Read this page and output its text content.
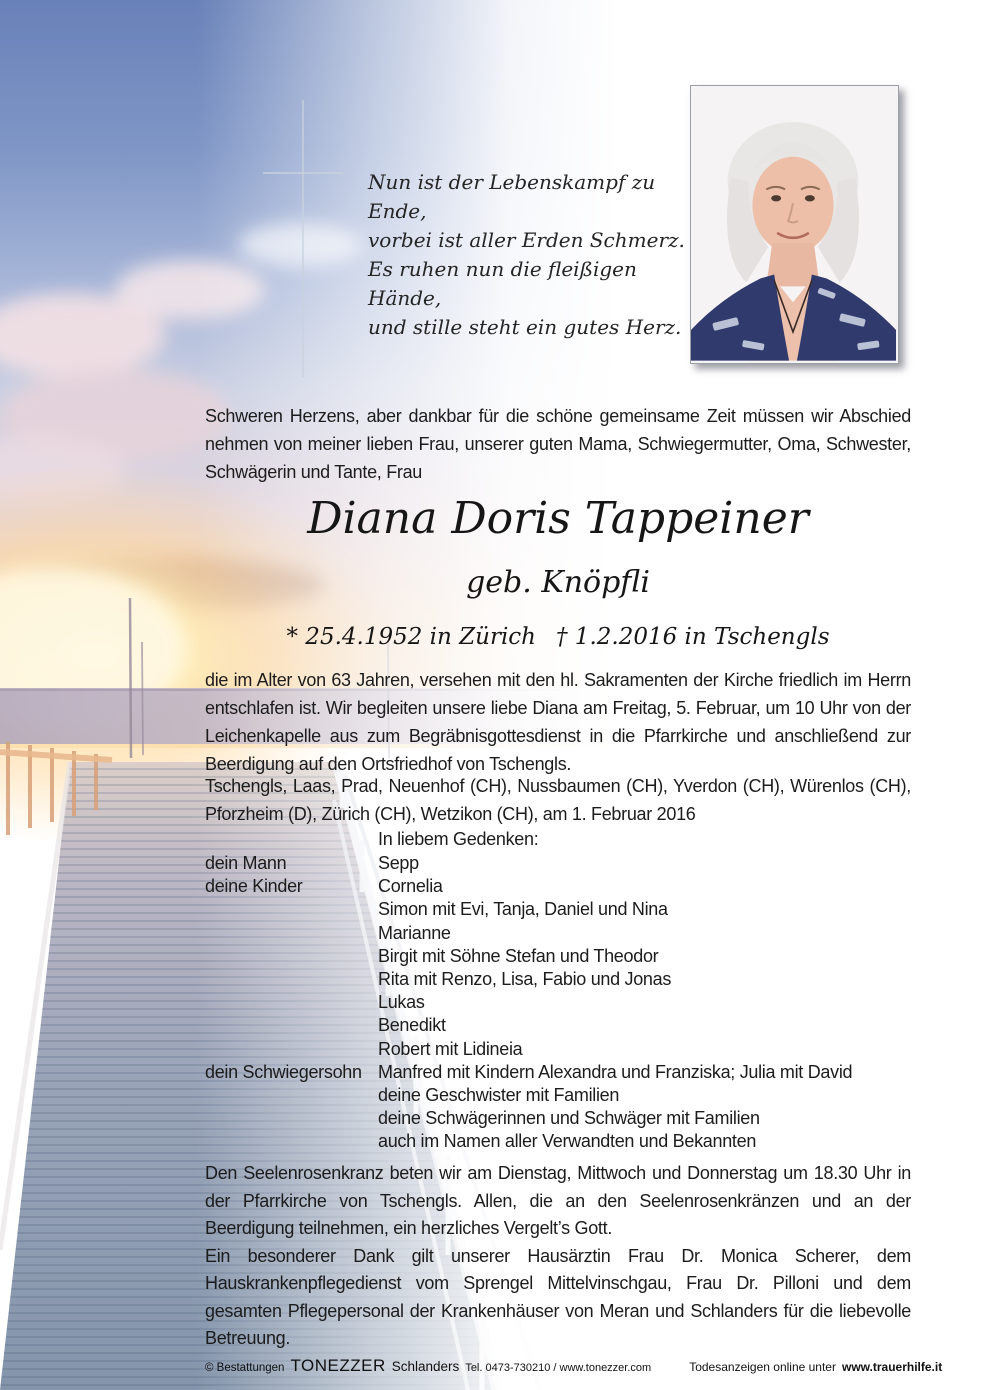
Nun ist der Lebenskampf zu Ende,
vorbei ist aller Erden Schmerz.
Es ruhen nun die fleißigen Hände,
und stille steht ein gutes Herz.
Schweren Herzens, aber dankbar für die schöne gemeinsame Zeit müssen wir Abschied nehmen von meiner lieben Frau, unserer guten Mama, Schwiegermutter, Oma, Schwester, Schwägerin und Tante, Frau
Diana Doris Tappeiner
geb. Knöpfli
* 25.4.1952 in Zürich † 1.2.2016 in Tschengls
die im Alter von 63 Jahren, versehen mit den hl. Sakramenten der Kirche friedlich im Herrn entschlafen ist. Wir begleiten unsere liebe Diana am Freitag, 5. Februar, um 10 Uhr von der Leichenkapelle aus zum Begräbnisgottesdienst in die Pfarrkirche und anschließend zur Beerdigung auf den Ortsfriedhof von Tschengls.
Tschengls, Laas, Prad, Neuenhof (CH), Nussbaumen (CH), Yverdon (CH), Würenlos (CH), Pforzheim (D), Zürich (CH), Wetzikon (CH), am 1. Februar 2016
In liebem Gedenken:
dein Mann	Sepp
deine Kinder	Cornelia
Simon mit Evi, Tanja, Daniel und Nina
Marianne
Birgit mit Söhne Stefan und Theodor
Rita mit Renzo, Lisa, Fabio und Jonas
Lukas
Benedikt
Robert mit Lidineia
dein Schwiegersohn Manfred mit Kindern Alexandra und Franziska; Julia mit David
deine Geschwister mit Familien
deine Schwägerinnen und Schwäger mit Familien
auch im Namen aller Verwandten und Bekannten

Den Seelenrosenkranz beten wir am Dienstag, Mittwoch und Donnerstag um 18.30 Uhr in der Pfarrkirche von Tschengls. Allen, die an den Seelenrosenkränzen und an der Beerdigung teilnehmen, ein herzliches Vergelt’s Gott.

Ein besonderer Dank gilt unserer Hausärztin Frau Dr. Monica Scherer, dem Hauskrankenpflegedienst vom Sprengel Mittelvinschgau, Frau Dr. Pilloni und dem gesamten Pflegepersonal der Krankenhäuser von Meran und Schlanders für die liebevolle Betreuung.

© Bestattungen TONEZZER Schlanders Tel. 0473-730210 / www.tonezzer.com	Todesanzeigen online unter www.trauerhilfe.it
